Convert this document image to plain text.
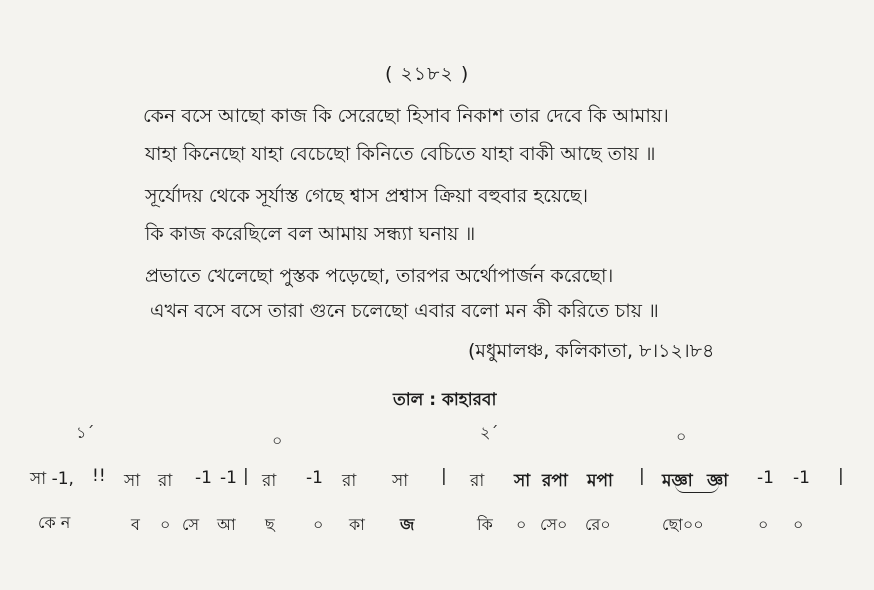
( ২১৮২ )
কেন বসে আছো কাজ কি সেরেছো হিসাব নিকাশ তার দেবে কি আমায়।
যাহা কিনেছো যাহা বেচেছো কিনিতে বেচিতে যাহা বাকী আছে তায় ॥
সূর্যোদয় থেকে সূর্যাস্ত গেছে শ্বাস প্রশ্বাস ক্রিয়া বহুবার হয়েছে।
কি কাজ করেছিলে বল আমায় সন্ধ্যা ঘনায় ॥
প্রভাতে খেলেছো পুস্তক পড়েছো, তারপর অর্থোপার্জন করেছো।
এখন বসে বসে তারা গুনে চলেছো এবার বলো মন কী করিতে চায় ॥
(মধুমালঞ্চ, কলিকাতা, ৮।১২।৮৪
তাল : কাহারবা
১´	০	২´	০
সা -1, !! সা রা -1 -1 | রা -1 রা সা | রা সা রপা মপা | মজ্ঞা জ্ঞা -1 -1 |
কে ন	ব ০ সে আ ছ ০ কা জ	কি ০ সে০ রে০	ছো০০	০ ০
